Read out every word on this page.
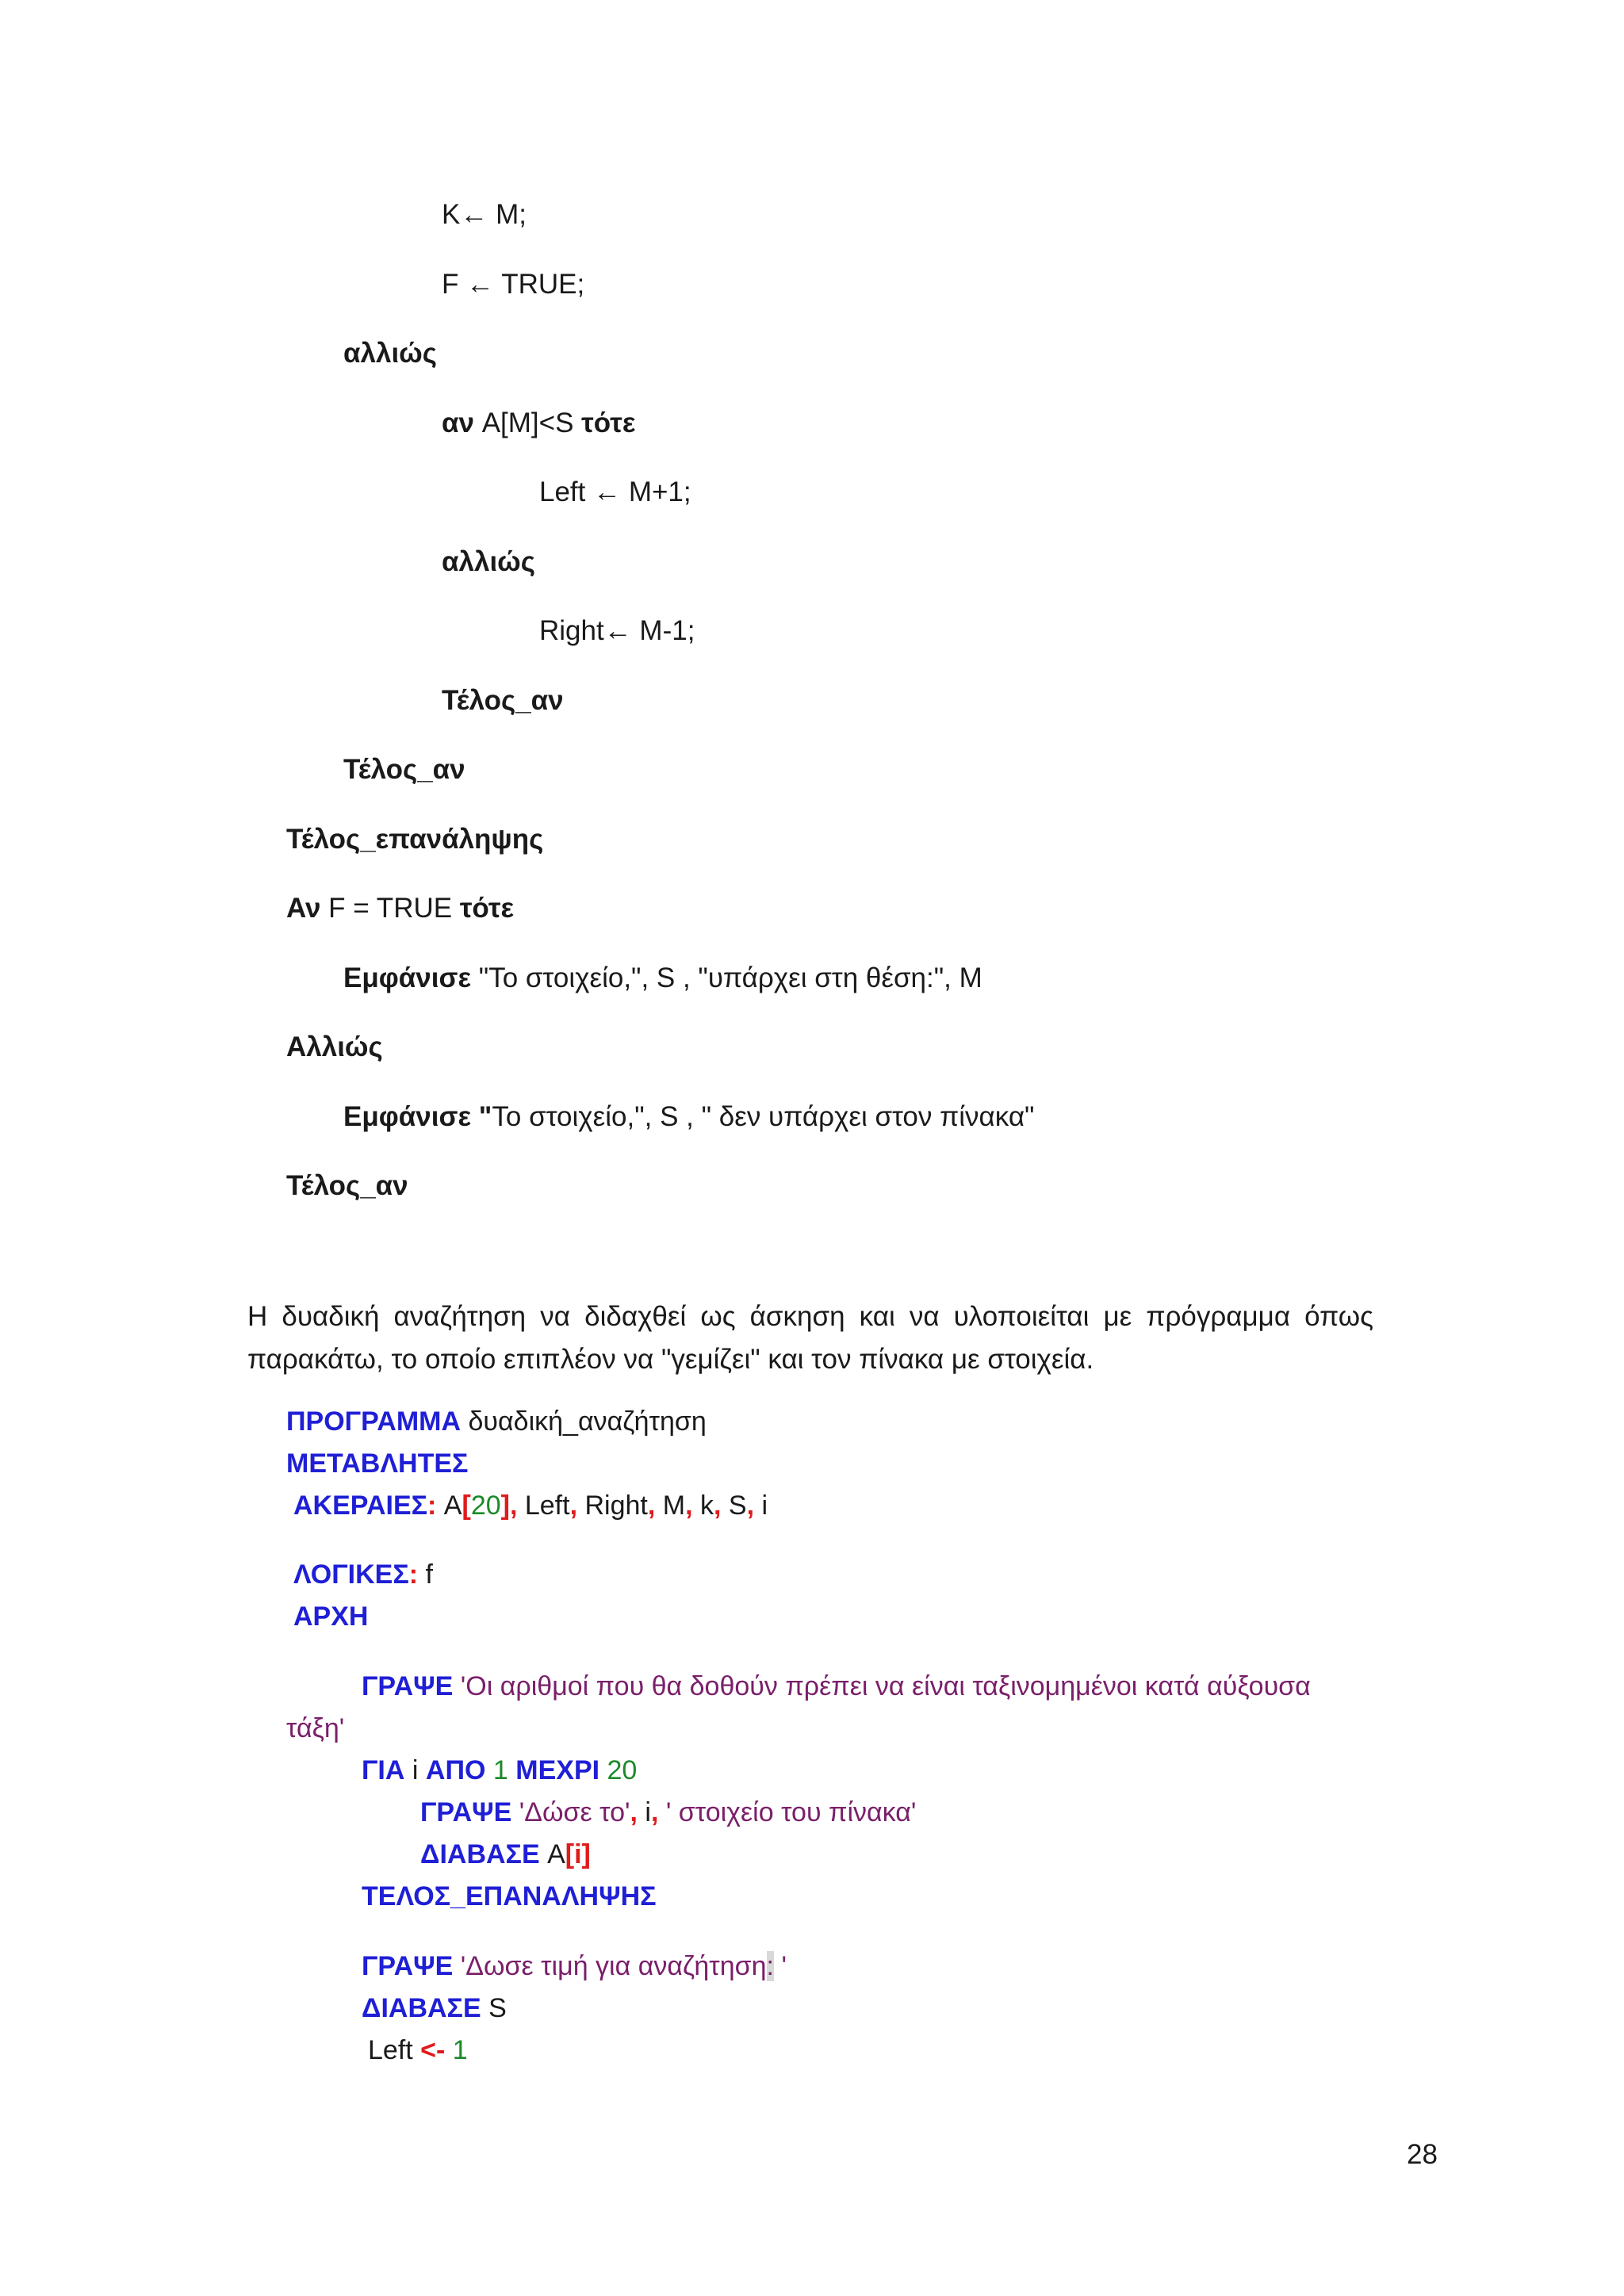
K← M;
F ← TRUE;
αλλιώς
αν A[M]<S τότε
Left ← M+1;
αλλιώς
Right← M-1;
Τέλος_αν
Τέλος_αν
Τέλος_επανάληψης
Αν F = TRUE τότε
Εμφάνισε "Το στοιχείο,", S , "υπάρχει στη θέση:", M
Αλλιώς
Εμφάνισε "Το στοιχείο,", S , " δεν υπάρχει στον πίνακα"
Τέλος_αν
Η δυαδική αναζήτηση να διδαχθεί ως άσκηση και να υλοποιείται με πρόγραμμα όπως παρακάτω, το οποίο επιπλέον να "γεμίζει" και τον πίνακα με στοιχεία.
ΠΡΟΓΡΑΜΜΑ δυαδική_αναζήτηση
ΜΕΤΑΒΛΗΤΕΣ
ΑΚΕΡΑΙΕΣ: A[20], Left, Right, M, k, S, i
ΛΟΓΙΚΕΣ: f
ΑΡΧΗ
ΓΡΑΨΕ 'Οι αριθμοί που θα δοθούν πρέπει να είναι ταξινομημένοι κατά αύξουσα
τάξη'
ΓΙΑ i ΑΠΟ 1 ΜΕΧΡΙ 20
ΓΡΑΨΕ 'Δώσε το', i, ' στοιχείο του πίνακα'
ΔΙΑΒΑΣΕ A[i]
ΤΕΛΟΣ_ΕΠΑΝΑΛΗΨΗΣ
ΓΡΑΨΕ 'Δωσε τιμή για αναζήτηση: '
ΔΙΑΒΑΣΕ S
Left <- 1
28
